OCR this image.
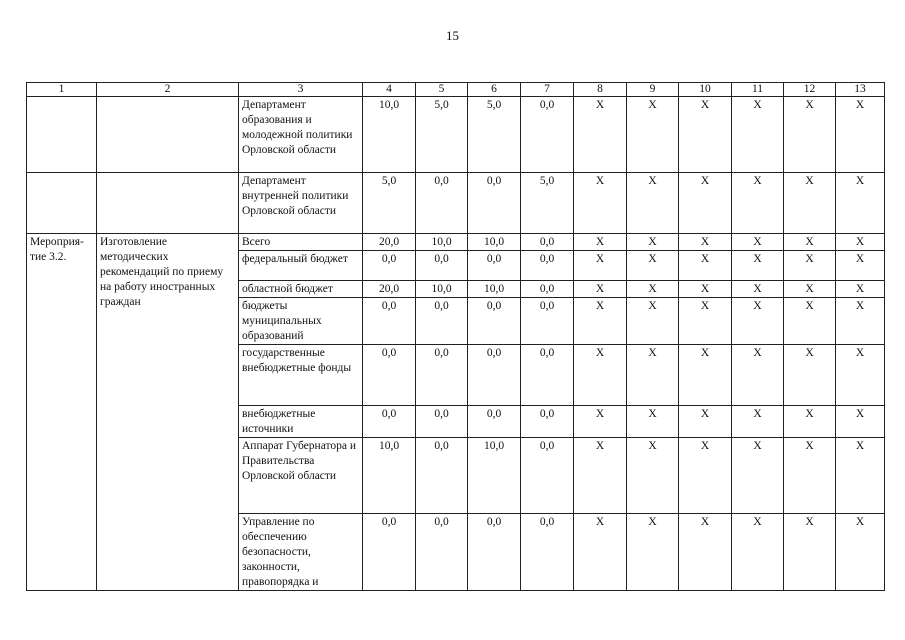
15
1	2	3	4	5	6	7	8	9	10	11	12	13
		Департамент образования и молодежной политики Орловской области	10,0	5,0	5,0	0,0	Х	Х	Х	Х	Х	Х
		Департамент внутренней политики Орловской области	5,0	0,0	0,0	5,0	Х	Х	Х	Х	Х	Х
Мероприя-тие 3.2.	Изготовление методических рекомендаций по приему на работу иностранных граждан	Всего	20,0	10,0	10,0	0,0	Х	Х	Х	Х	Х	Х
		федеральный бюджет	0,0	0,0	0,0	0,0	Х	Х	Х	Х	Х	Х
		областной бюджет	20,0	10,0	10,0	0,0	Х	Х	Х	Х	Х	Х
		бюджеты муниципальных образований	0,0	0,0	0,0	0,0	Х	Х	Х	Х	Х	Х
		государственные внебюджетные фонды	0,0	0,0	0,0	0,0	Х	Х	Х	Х	Х	Х
		внебюджетные источники	0,0	0,0	0,0	0,0	Х	Х	Х	Х	Х	Х
		Аппарат Губернатора и Правительства Орловской области	10,0	0,0	10,0	0,0	Х	Х	Х	Х	Х	Х
		Управление по обеспечению безопасности, законности, правопорядка и	0,0	0,0	0,0	0,0	Х	Х	Х	Х	Х	Х
